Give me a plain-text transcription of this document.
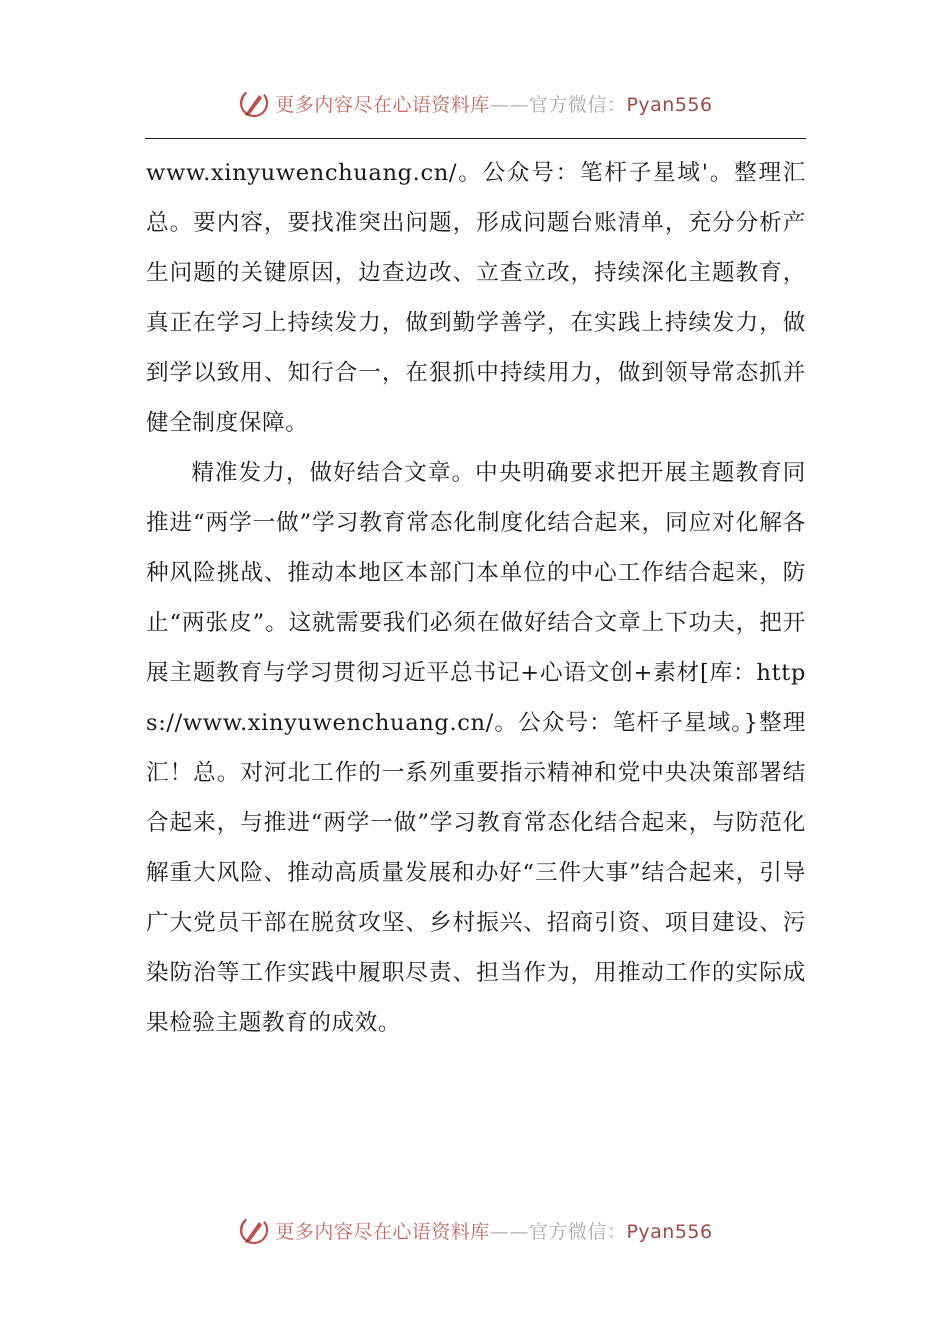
更多内容尽在心语资料库——官方微信：Pyan556

www.xinyuwenchuang.cn/。公众号：笔杆子星域'。整理汇总。要内容，要找准突出问题，形成问题台账清单，充分分析产生问题的关键原因，边查边改、立查立改，持续深化主题教育，真正在学习上持续发力，做到勤学善学，在实践上持续发力，做到学以致用、知行合一，在狠抓中持续用力，做到领导常态抓并健全制度保障。

精准发力，做好结合文章。中央明确要求把开展主题教育同推进“两学一做”学习教育常态化制度化结合起来，同应对化解各种风险挑战、推动本地区本部门本单位的中心工作结合起来，防止“两张皮”。这就需要我们必须在做好结合文章上下功夫，把开展主题教育与学习贯彻习近平总书记+心语文创+素材[库：https://www.xinyuwenchuang.cn/。公众号：笔杆子星域。}整理汇！总。对河北工作的一系列重要指示精神和党中央决策部署结合起来，与推进“两学一做”学习教育常态化结合起来，与防范化解重大风险、推动高质量发展和办好“三件大事”结合起来，引导广大党员干部在脱贫攻坚、乡村振兴、招商引资、项目建设、污染防治等工作实践中履职尽责、担当作为，用推动工作的实际成果检验主题教育的成效。

更多内容尽在心语资料库——官方微信：Pyan556
